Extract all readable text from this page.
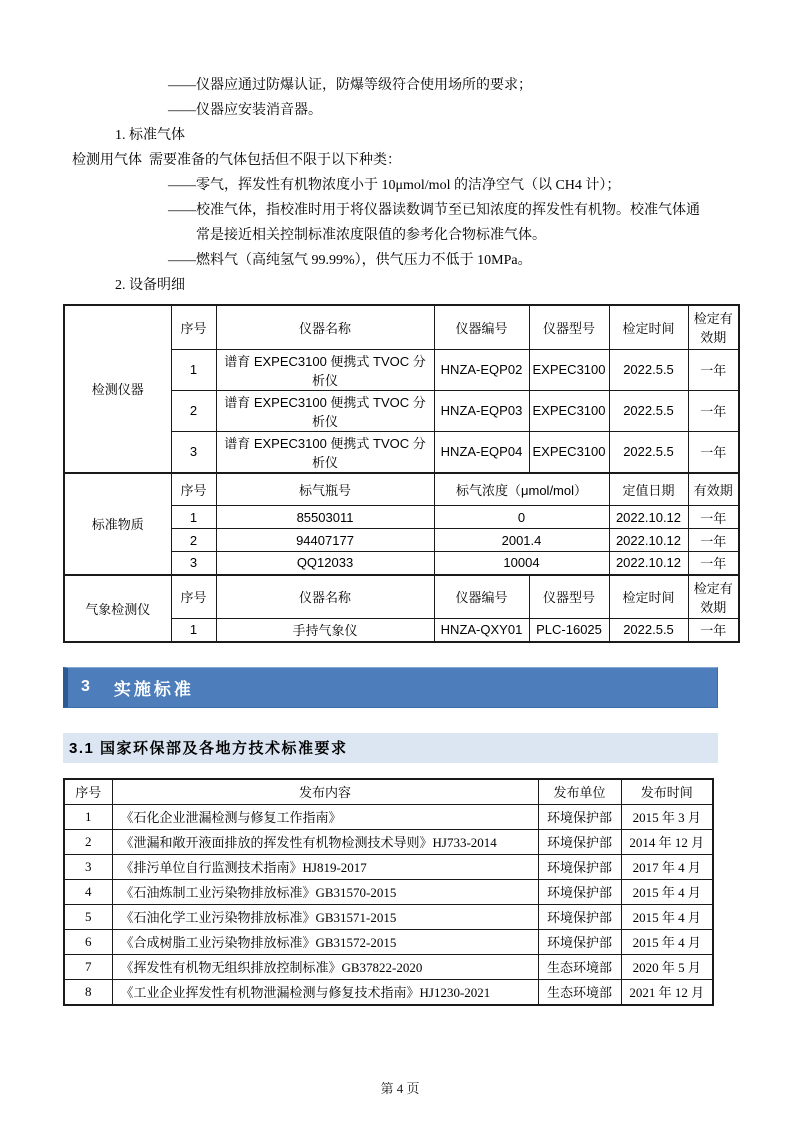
——仪器应通过防爆认证，防爆等级符合使用场所的要求；

——仪器应安装消音器。

1. 标准气体

检测用气体  需要准备的气体包括但不限于以下种类：

——零气，挥发性有机物浓度小于 10μmol/mol 的洁净空气（以 CH4 计）；

——校准气体，指校准时用于将仪器读数调节至已知浓度的挥发性有机物。校准气体通

常是接近相关控制标准浓度限值的参考化合物标准气体。

——燃料气（高纯氢气 99.99%），供气压力不低于 10MPa。

2. 设备明细

检测仪器	序号	仪器名称	仪器编号	仪器型号	检定时间	检定有效期
	1	谱育 EXPEC3100 便携式 TVOC 分析仪	HNZA-EQP02	EXPEC3100	2022.5.5	一年
	2	谱育 EXPEC3100 便携式 TVOC 分析仪	HNZA-EQP03	EXPEC3100	2022.5.5	一年
	3	谱育 EXPEC3100 便携式 TVOC 分析仪	HNZA-EQP04	EXPEC3100	2022.5.5	一年
标准物质	序号	标气瓶号	标气浓度（μmol/mol）		定值日期	有效期
	1	85503011	0		2022.10.12	一年
	2	94407177	2001.4		2022.10.12	一年
	3	QQ12033	10004		2022.10.12	一年
气象检测仪	序号	仪器名称	仪器编号	仪器型号	检定时间	检定有效期
	1	手持气象仪	HNZA-QXY01	PLC-16025	2022.5.5	一年
3 实施标准
3.1 国家环保部及各地方技术标准要求
序号	发布内容	发布单位	发布时间
1	《石化企业泄漏检测与修复工作指南》	环境保护部	2015 年 3 月
2	《泄漏和敞开液面排放的挥发性有机物检测技术导则》HJ733-2014	环境保护部	2014 年 12 月
3	《排污单位自行监测技术指南》HJ819-2017	环境保护部	2017 年 4 月
4	《石油炼制工业污染物排放标准》GB31570-2015	环境保护部	2015 年 4 月
5	《石油化学工业污染物排放标准》GB31571-2015	环境保护部	2015 年 4 月
6	《合成树脂工业污染物排放标准》GB31572-2015	环境保护部	2015 年 4 月
7	《挥发性有机物无组织排放控制标准》GB37822-2020	生态环境部	2020 年 5 月
8	《工业企业挥发性有机物泄漏检测与修复技术指南》HJ1230-2021	生态环境部	2021 年 12 月
第 4 页
